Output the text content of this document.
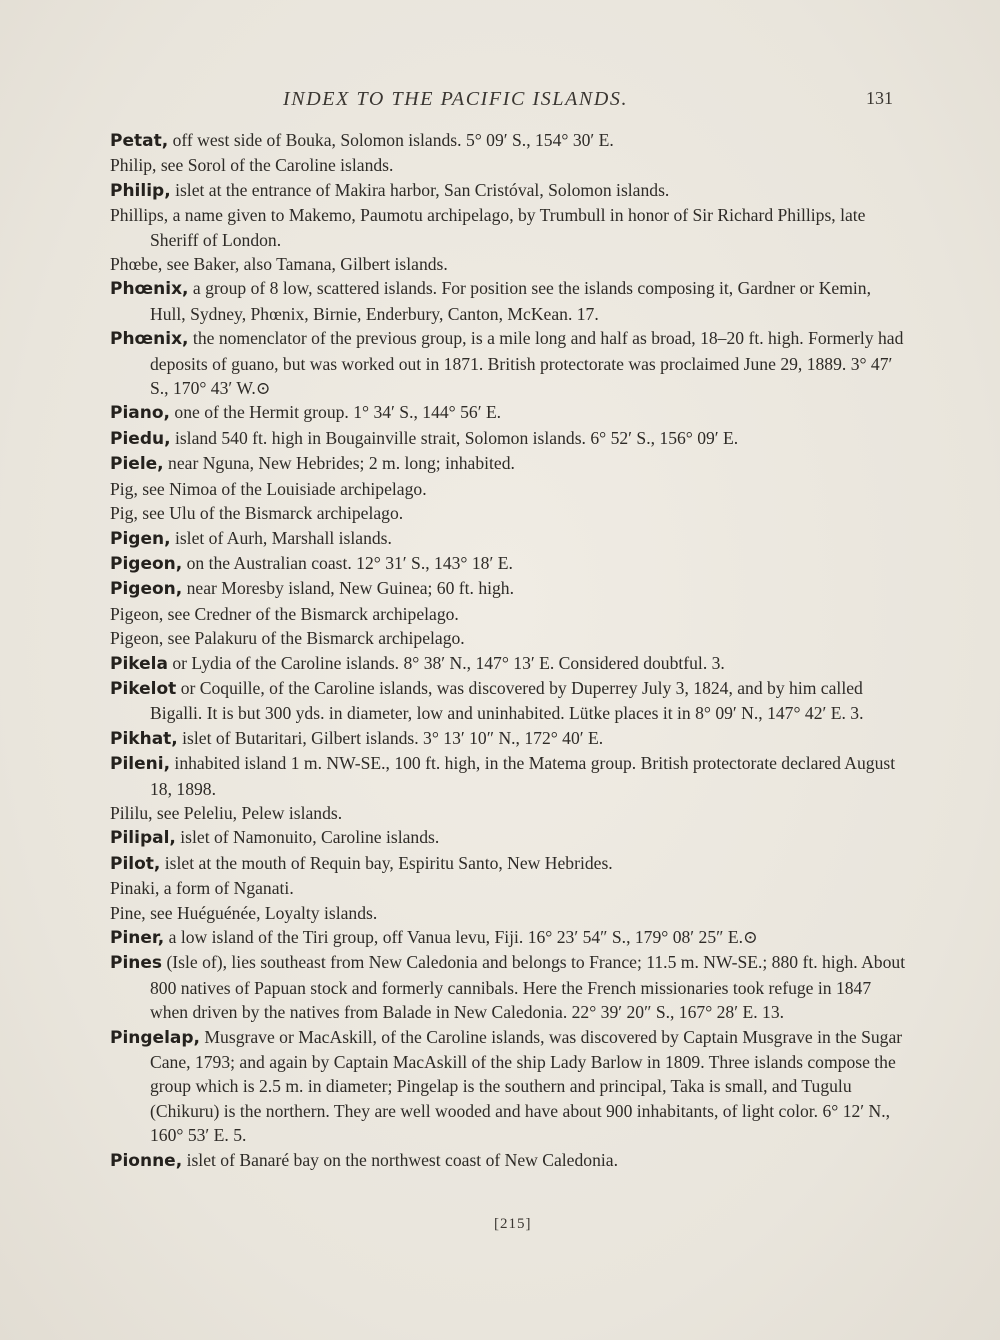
INDEX TO THE PACIFIC ISLANDS.	131

Petat, off west side of Bouka, Solomon islands. 5° 09′ S., 154° 30′ E.

Philip, see Sorol of the Caroline islands.

Philip, islet at the entrance of Makira harbor, San Cristóval, Solomon islands.

Phillips, a name given to Makemo, Paumotu archipelago, by Trumbull in honor of Sir Richard Phillips, late Sheriff of London.

Phœbe, see Baker, also Tamana, Gilbert islands.

Phœnix, a group of 8 low, scattered islands. For position see the islands composing it, Gardner or Kemin, Hull, Sydney, Phœnix, Birnie, Enderbury, Canton, McKean. 17.

Phœnix, the nomenclator of the previous group, is a mile long and half as broad, 18–20 ft. high. Formerly had deposits of guano, but was worked out in 1871. British protectorate was proclaimed June 29, 1889. 3° 47′ S., 170° 43′ W.⊙

Piano, one of the Hermit group. 1° 34′ S., 144° 56′ E.

Piedu, island 540 ft. high in Bougainville strait, Solomon islands. 6° 52′ S., 156° 09′ E.

Piele, near Nguna, New Hebrides; 2 m. long; inhabited.

Pig, see Nimoa of the Louisiade archipelago.

Pig, see Ulu of the Bismarck archipelago.

Pigen, islet of Aurh, Marshall islands.

Pigeon, on the Australian coast. 12° 31′ S., 143° 18′ E.

Pigeon, near Moresby island, New Guinea; 60 ft. high.

Pigeon, see Credner of the Bismarck archipelago.

Pigeon, see Palakuru of the Bismarck archipelago.

Pikela or Lydia of the Caroline islands. 8° 38′ N., 147° 13′ E. Considered doubtful. 3.

Pikelot or Coquille, of the Caroline islands, was discovered by Duperrey July 3, 1824, and by him called Bigalli. It is but 300 yds. in diameter, low and uninhabited. Lütke places it in 8° 09′ N., 147° 42′ E. 3.

Pikhat, islet of Butaritari, Gilbert islands. 3° 13′ 10″ N., 172° 40′ E.

Pileni, inhabited island 1 m. NW-SE., 100 ft. high, in the Matema group. British protectorate declared August 18, 1898.

Pililu, see Peleliu, Pelew islands.

Pilipal, islet of Namonuito, Caroline islands.

Pilot, islet at the mouth of Requin bay, Espiritu Santo, New Hebrides.

Pinaki, a form of Nganati.

Pine, see Huéguénée, Loyalty islands.

Piner, a low island of the Tiri group, off Vanua levu, Fiji. 16° 23′ 54″ S., 179° 08′ 25″ E.⊙

Pines (Isle of), lies southeast from New Caledonia and belongs to France; 11.5 m. NW-SE.; 880 ft. high. About 800 natives of Papuan stock and formerly cannibals. Here the French missionaries took refuge in 1847 when driven by the natives from Balade in New Caledonia. 22° 39′ 20″ S., 167° 28′ E. 13.

Pingelap, Musgrave or MacAskill, of the Caroline islands, was discovered by Captain Musgrave in the Sugar Cane, 1793; and again by Captain MacAskill of the ship Lady Barlow in 1809. Three islands compose the group which is 2.5 m. in diameter; Pingelap is the southern and principal, Taka is small, and Tugulu (Chikuru) is the northern. They are well wooded and have about 900 inhabitants, of light color. 6° 12′ N., 160° 53′ E. 5.

Pionne, islet of Banaré bay on the northwest coast of New Caledonia.

[215]
